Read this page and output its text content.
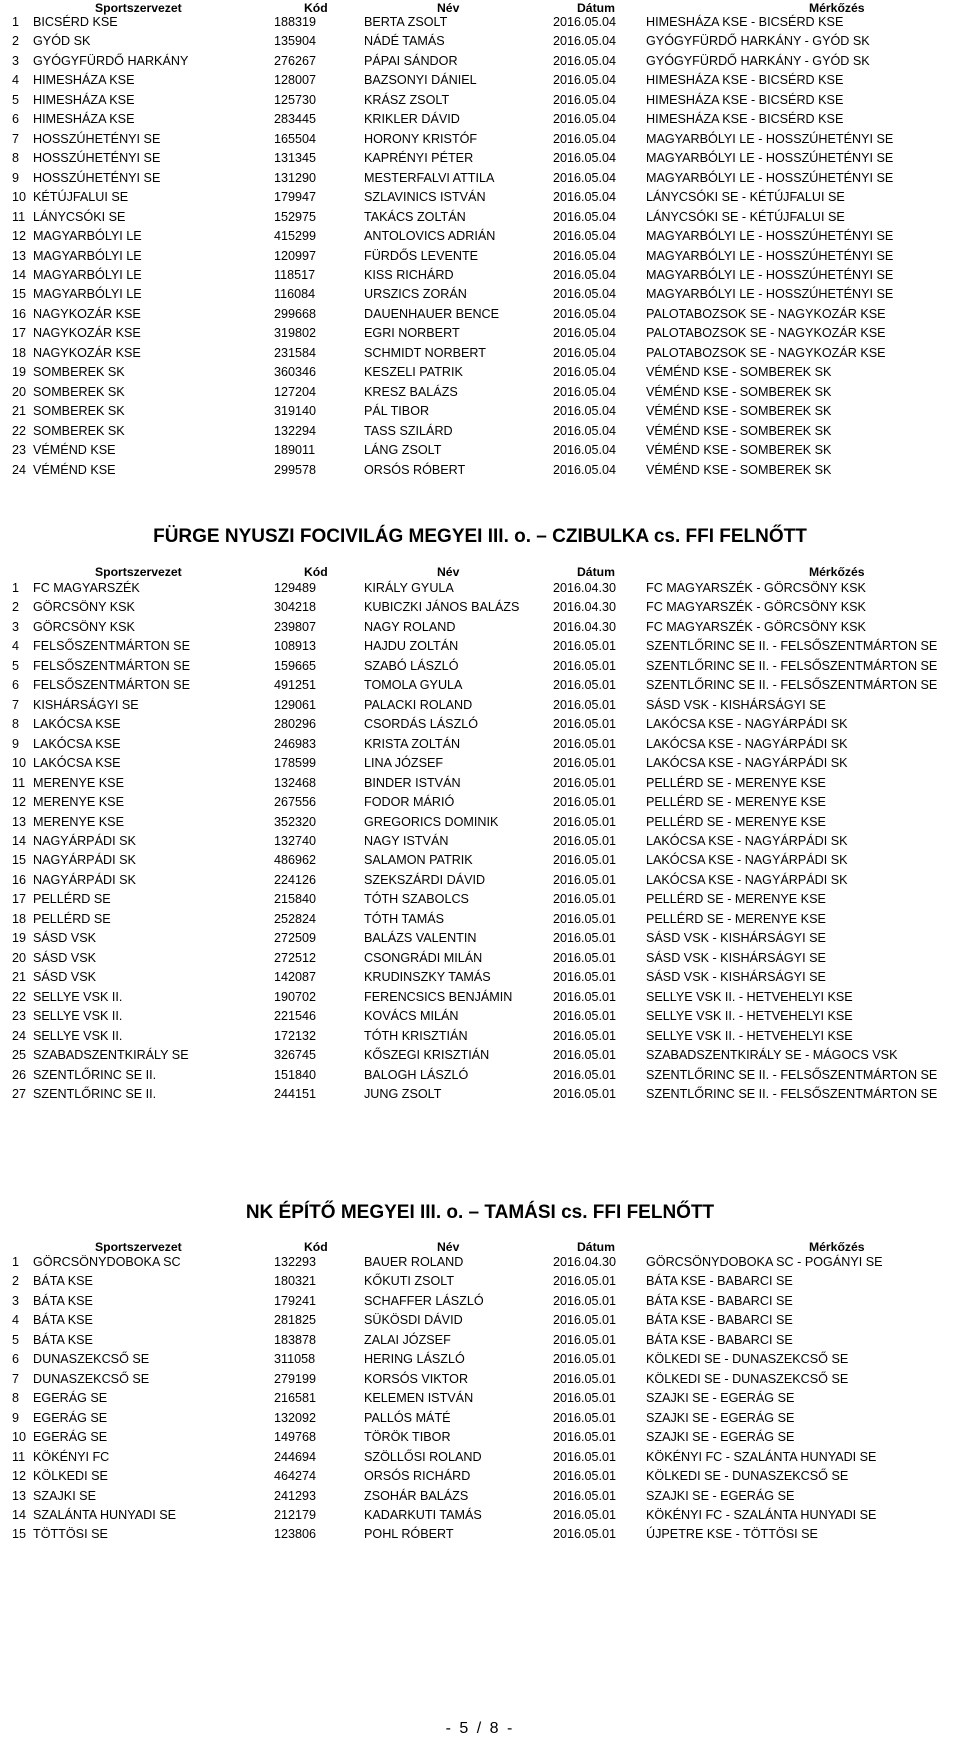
Sportszervezet	Kód	Név	Dátum	Mérkőzés
1 BICSÉRD KSE	188319	BERTA ZSOLT	2016.05.04 HIMESHÁZA KSE - BICSÉRD KSE
2 GYÓD SK	135904	NÁDÉ TAMÁS	2016.05.04 GYÓGYFÜRDŐ HARKÁNY - GYÓD SK
3 GYÓGYFÜRDŐ HARKÁNY	276267	PÁPAI SÁNDOR	2016.05.04 GYÓGYFÜRDŐ HARKÁNY - GYÓD SK
4 HIMESHÁZA KSE	128007	BAZSONYI DÁNIEL	2016.05.04 HIMESHÁZA KSE - BICSÉRD KSE
5 HIMESHÁZA KSE	125730	KRÁSZ ZSOLT	2016.05.04 HIMESHÁZA KSE - BICSÉRD KSE
6 HIMESHÁZA KSE	283445	KRIKLER DÁVID	2016.05.04 HIMESHÁZA KSE - BICSÉRD KSE
7 HOSSZÚHETÉNYI SE	165504	HORONY KRISTÓF	2016.05.04 MAGYARBÓLYI LE - HOSSZÚHETÉNYI SE
8 HOSSZÚHETÉNYI SE	131345	KAPRÉNYI PÉTER	2016.05.04 MAGYARBÓLYI LE - HOSSZÚHETÉNYI SE
9 HOSSZÚHETÉNYI SE	131290	MESTERFALVI ATTILA	2016.05.04 MAGYARBÓLYI LE - HOSSZÚHETÉNYI SE
10 KÉTÚJFALUI SE	179947	SZLAVINICS ISTVÁN	2016.05.04 LÁNYCSÓKI SE - KÉTÚJFALUI SE
11 LÁNYCSÓKI SE	152975	TAKÁCS ZOLTÁN	2016.05.04 LÁNYCSÓKI SE - KÉTÚJFALUI SE
12 MAGYARBÓLYI LE	415299	ANTOLOVICS ADRIÁN	2016.05.04 MAGYARBÓLYI LE - HOSSZÚHETÉNYI SE
13 MAGYARBÓLYI LE	120997	FÜRDŐS LEVENTE	2016.05.04 MAGYARBÓLYI LE - HOSSZÚHETÉNYI SE
14 MAGYARBÓLYI LE	118517	KISS RICHÁRD	2016.05.04 MAGYARBÓLYI LE - HOSSZÚHETÉNYI SE
15 MAGYARBÓLYI LE	116084	URSZICS ZORÁN	2016.05.04 MAGYARBÓLYI LE - HOSSZÚHETÉNYI SE
16 NAGYKOZÁR KSE	299668	DAUENHAUER BENCE	2016.05.04 PALOTABOZSOK SE - NAGYKOZÁR KSE
17 NAGYKOZÁR KSE	319802	EGRI NORBERT	2016.05.04 PALOTABOZSOK SE - NAGYKOZÁR KSE
18 NAGYKOZÁR KSE	231584	SCHMIDT NORBERT	2016.05.04 PALOTABOZSOK SE - NAGYKOZÁR KSE
19 SOMBEREK SK	360346	KESZELI PATRIK	2016.05.04 VÉMÉND KSE - SOMBEREK SK
20 SOMBEREK SK	127204	KRESZ BALÁZS	2016.05.04 VÉMÉND KSE - SOMBEREK SK
21 SOMBEREK SK	319140	PÁL TIBOR	2016.05.04 VÉMÉND KSE - SOMBEREK SK
22 SOMBEREK SK	132294	TASS SZILÁRD	2016.05.04 VÉMÉND KSE - SOMBEREK SK
23 VÉMÉND KSE	189011	LÁNG ZSOLT	2016.05.04 VÉMÉND KSE - SOMBEREK SK
24 VÉMÉND KSE	299578	ORSÓS RÓBERT	2016.05.04 VÉMÉND KSE - SOMBEREK SK
FÜRGE NYUSZI FOCIVILÁG MEGYEI III. o. – CZIBULKA cs. FFI FELNŐTT
Sportszervezet	Kód	Név	Dátum	Mérkőzés
1 FC MAGYARSZÉK	129489	KIRÁLY GYULA	2016.04.30 FC MAGYARSZÉK - GÖRCSÖNY KSK
2 GÖRCSÖNY KSK	304218	KUBICZKI JÁNOS BALÁZS	2016.04.30 FC MAGYARSZÉK - GÖRCSÖNY KSK
3 GÖRCSÖNY KSK	239807	NAGY ROLAND	2016.04.30 FC MAGYARSZÉK - GÖRCSÖNY KSK
4 FELSŐSZENTMÁRTON SE	108913	HAJDU ZOLTÁN	2016.05.01 SZENTLŐRINC SE II. - FELSŐSZENTMÁRTON SE
5 FELSŐSZENTMÁRTON SE	159665	SZABÓ LÁSZLÓ	2016.05.01 SZENTLŐRINC SE II. - FELSŐSZENTMÁRTON SE
6 FELSŐSZENTMÁRTON SE	491251	TOMOLA GYULA	2016.05.01 SZENTLŐRINC SE II. - FELSŐSZENTMÁRTON SE
7 KISHÁRSÁGYI SE	129061	PALACKI ROLAND	2016.05.01 SÁSD VSK - KISHÁRSÁGYI SE
8 LAKÓCSA KSE	280296	CSORDÁS LÁSZLÓ	2016.05.01 LAKÓCSA KSE - NAGYÁRPÁDI SK
9 LAKÓCSA KSE	246983	KRISTA ZOLTÁN	2016.05.01 LAKÓCSA KSE - NAGYÁRPÁDI SK
10 LAKÓCSA KSE	178599	LINA JÓZSEF	2016.05.01 LAKÓCSA KSE - NAGYÁRPÁDI SK
11 MERENYE KSE	132468	BINDER ISTVÁN	2016.05.01 PELLÉRD SE - MERENYE KSE
12 MERENYE KSE	267556	FODOR MÁRIÓ	2016.05.01 PELLÉRD SE - MERENYE KSE
13 MERENYE KSE	352320	GREGORICS DOMINIK	2016.05.01 PELLÉRD SE - MERENYE KSE
14 NAGYÁRPÁDI SK	132740	NAGY ISTVÁN	2016.05.01 LAKÓCSA KSE - NAGYÁRPÁDI SK
15 NAGYÁRPÁDI SK	486962	SALAMON PATRIK	2016.05.01 LAKÓCSA KSE - NAGYÁRPÁDI SK
16 NAGYÁRPÁDI SK	224126	SZEKSZÁRDI DÁVID	2016.05.01 LAKÓCSA KSE - NAGYÁRPÁDI SK
17 PELLÉRD SE	215840	TÓTH SZABOLCS	2016.05.01 PELLÉRD SE - MERENYE KSE
18 PELLÉRD SE	252824	TÓTH TAMÁS	2016.05.01 PELLÉRD SE - MERENYE KSE
19 SÁSD VSK	272509	BALÁZS VALENTIN	2016.05.01 SÁSD VSK - KISHÁRSÁGYI SE
20 SÁSD VSK	272512	CSONGRÁDI MILÁN	2016.05.01 SÁSD VSK - KISHÁRSÁGYI SE
21 SÁSD VSK	142087	KRUDINSZKY TAMÁS	2016.05.01 SÁSD VSK - KISHÁRSÁGYI SE
22 SELLYE VSK II.	190702	FERENCSICS BENJÁMIN	2016.05.01 SELLYE VSK II. - HETVEHELYI KSE
23 SELLYE VSK II.	221546	KOVÁCS MILÁN	2016.05.01 SELLYE VSK II. - HETVEHELYI KSE
24 SELLYE VSK II.	172132	TÓTH KRISZTIÁN	2016.05.01 SELLYE VSK II. - HETVEHELYI KSE
25 SZABADSZENTKIRÁLY SE	326745	KŐSZEGI KRISZTIÁN	2016.05.01 SZABADSZENTKIRÁLY SE - MÁGOCS VSK
26 SZENTLŐRINC SE II.	151840	BALOGH LÁSZLÓ	2016.05.01 SZENTLŐRINC SE II. - FELSŐSZENTMÁRTON SE
27 SZENTLŐRINC SE II.	244151	JUNG ZSOLT	2016.05.01 SZENTLŐRINC SE II. - FELSŐSZENTMÁRTON SE
NK ÉPÍTŐ MEGYEI III. o. – TAMÁSI cs. FFI FELNŐTT
Sportszervezet	Kód	Név	Dátum	Mérkőzés
1 GÖRCSÖNYDOBOKA SC	132293	BAUER ROLAND	2016.04.30 GÖRCSÖNYDOBOKA SC - POGÁNYI SE
2 BÁTA KSE	180321	KŐKUTI ZSOLT	2016.05.01 BÁTA KSE - BABARCI SE
3 BÁTA KSE	179241	SCHAFFER LÁSZLÓ	2016.05.01 BÁTA KSE - BABARCI SE
4 BÁTA KSE	281825	SÜKÖSDI DÁVID	2016.05.01 BÁTA KSE - BABARCI SE
5 BÁTA KSE	183878	ZALAI JÓZSEF	2016.05.01 BÁTA KSE - BABARCI SE
6 DUNASZEKCSŐ SE	311058	HERING LÁSZLÓ	2016.05.01 KÖLKEDI SE - DUNASZEKCSŐ SE
7 DUNASZEKCSŐ SE	279199	KORSÓS VIKTOR	2016.05.01 KÖLKEDI SE - DUNASZEKCSŐ SE
8 EGERÁG SE	216581	KELEMEN ISTVÁN	2016.05.01 SZAJKI SE - EGERÁG SE
9 EGERÁG SE	132092	PALLÓS MÁTÉ	2016.05.01 SZAJKI SE - EGERÁG SE
10 EGERÁG SE	149768	TÖRÖK TIBOR	2016.05.01 SZAJKI SE - EGERÁG SE
11 KÖKÉNYI FC	244694	SZÖLLŐSI ROLAND	2016.05.01 KÖKÉNYI FC - SZALÁNTA HUNYADI SE
12 KÖLKEDI SE	464274	ORSÓS RICHÁRD	2016.05.01 KÖLKEDI SE - DUNASZEKCSŐ SE
13 SZAJKI SE	241293	ZSOHÁR BALÁZS	2016.05.01 SZAJKI SE - EGERÁG SE
14 SZALÁNTA HUNYADI SE	212179	KADARKUTI TAMÁS	2016.05.01 KÖKÉNYI FC - SZALÁNTA HUNYADI SE
15 TÖTTÖSI SE	123806	POHL RÓBERT	2016.05.01 ÚJPETRE KSE - TÖTTÖSI SE
- 5 / 8 -
